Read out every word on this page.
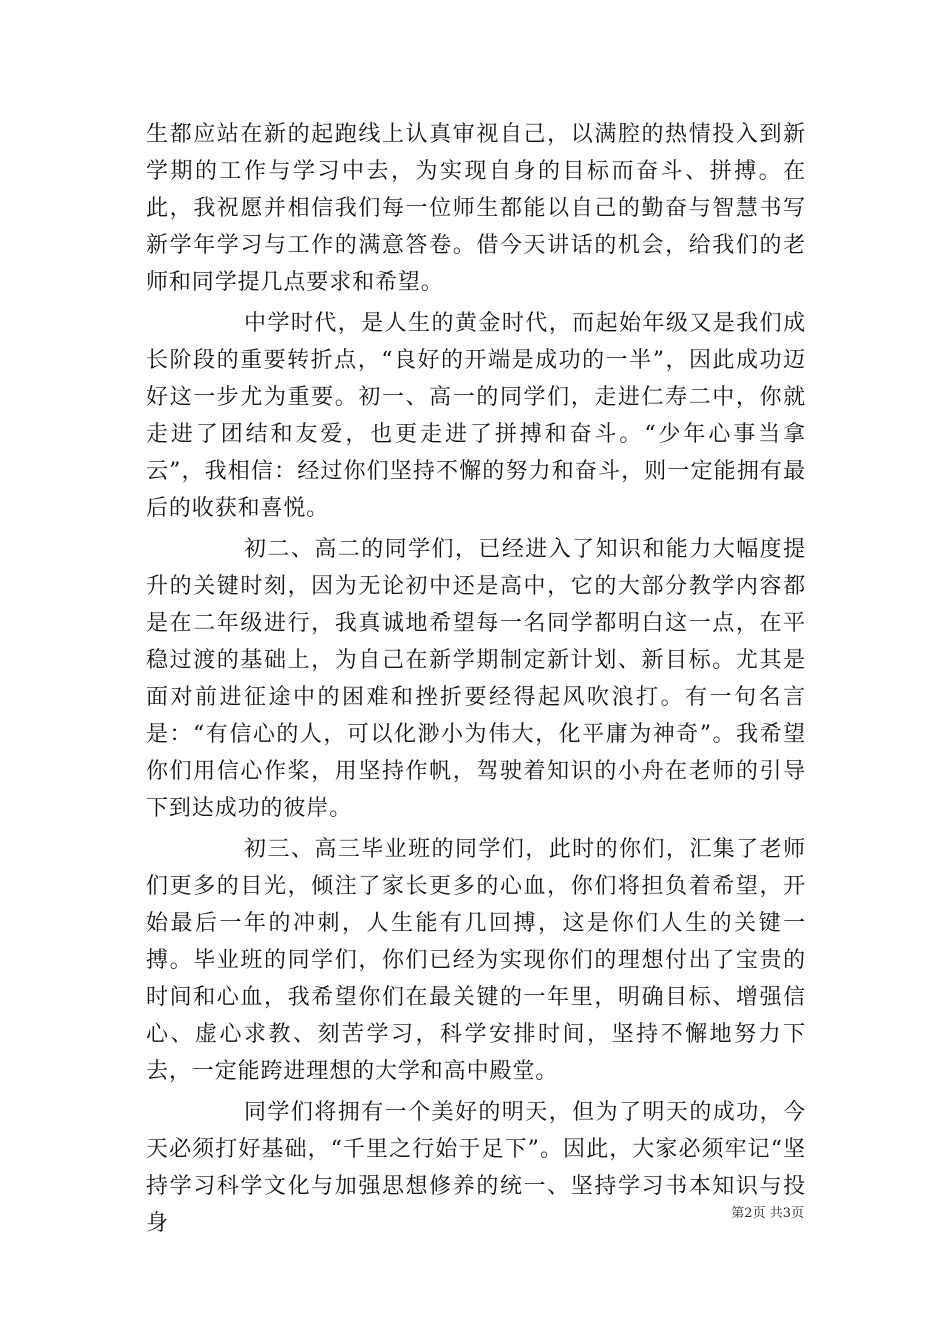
生都应站在新的起跑线上认真审视自己，以满腔的热情投入到新学期的工作与学习中去，为实现自身的目标而奋斗、拼搏。在此，我祝愿并相信我们每一位师生都能以自己的勤奋与智慧书写新学年学习与工作的满意答卷。借今天讲话的机会，给我们的老师和同学提几点要求和希望。

中学时代，是人生的黄金时代，而起始年级又是我们成长阶段的重要转折点，“良好的开端是成功的一半”，因此成功迈好这一步尤为重要。初一、高一的同学们，走进仁寿二中，你就走进了团结和友爱，也更走进了拼搏和奋斗。“少年心事当拿云”，我相信：经过你们坚持不懈的努力和奋斗，则一定能拥有最后的收获和喜悦。

初二、高二的同学们，已经进入了知识和能力大幅度提升的关键时刻，因为无论初中还是高中，它的大部分教学内容都是在二年级进行，我真诚地希望每一名同学都明白这一点，在平稳过渡的基础上，为自己在新学期制定新计划、新目标。尤其是面对前进征途中的困难和挫折要经得起风吹浪打。有一句名言是：“有信心的人，可以化渺小为伟大，化平庸为神奇”。我希望你们用信心作桨，用坚持作帆，驾驶着知识的小舟在老师的引导下到达成功的彼岸。

初三、高三毕业班的同学们，此时的你们，汇集了老师们更多的目光，倾注了家长更多的心血，你们将担负着希望，开始最后一年的冲刺，人生能有几回搏，这是你们人生的关键一搏。毕业班的同学们，你们已经为实现你们的理想付出了宝贵的时间和心血，我希望你们在最关键的一年里，明确目标、增强信心、虚心求教、刻苦学习，科学安排时间，坚持不懈地努力下去，一定能跨进理想的大学和高中殿堂。

同学们将拥有一个美好的明天，但为了明天的成功，今天必须打好基础，“千里之行始于足下”。因此，大家必须牢记“坚持学习科学文化与加强思想修养的统一、坚持学习书本知识与投身	第2页 共3页
